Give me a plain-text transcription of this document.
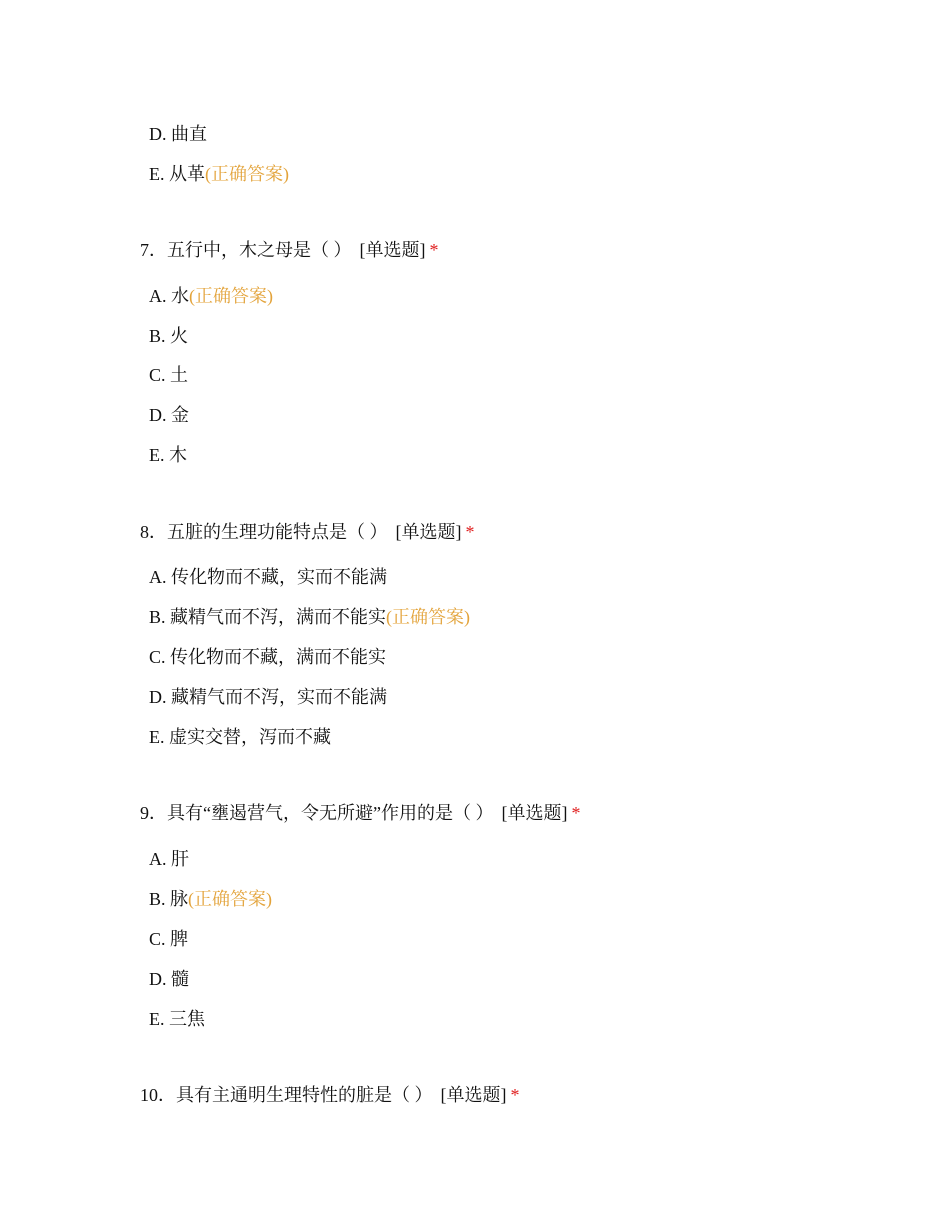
D. 曲直
E. 从革(正确答案)
7．五行中，木之母是（ ） [单选题] *
A. 水(正确答案)
B. 火
C. 土
D. 金
E. 木
8．五脏的生理功能特点是（ ） [单选题] *
A. 传化物而不藏，实而不能满
B. 藏精气而不泻，满而不能实(正确答案)
C. 传化物而不藏，满而不能实
D. 藏精气而不泻，实而不能满
E. 虚实交替，泻而不藏
9．具有“壅遏营气，令无所避”作用的是（ ） [单选题] *
A. 肝
B. 脉(正确答案)
C. 脾
D. 髓
E. 三焦
10．具有主通明生理特性的脏是（ ） [单选题] *
